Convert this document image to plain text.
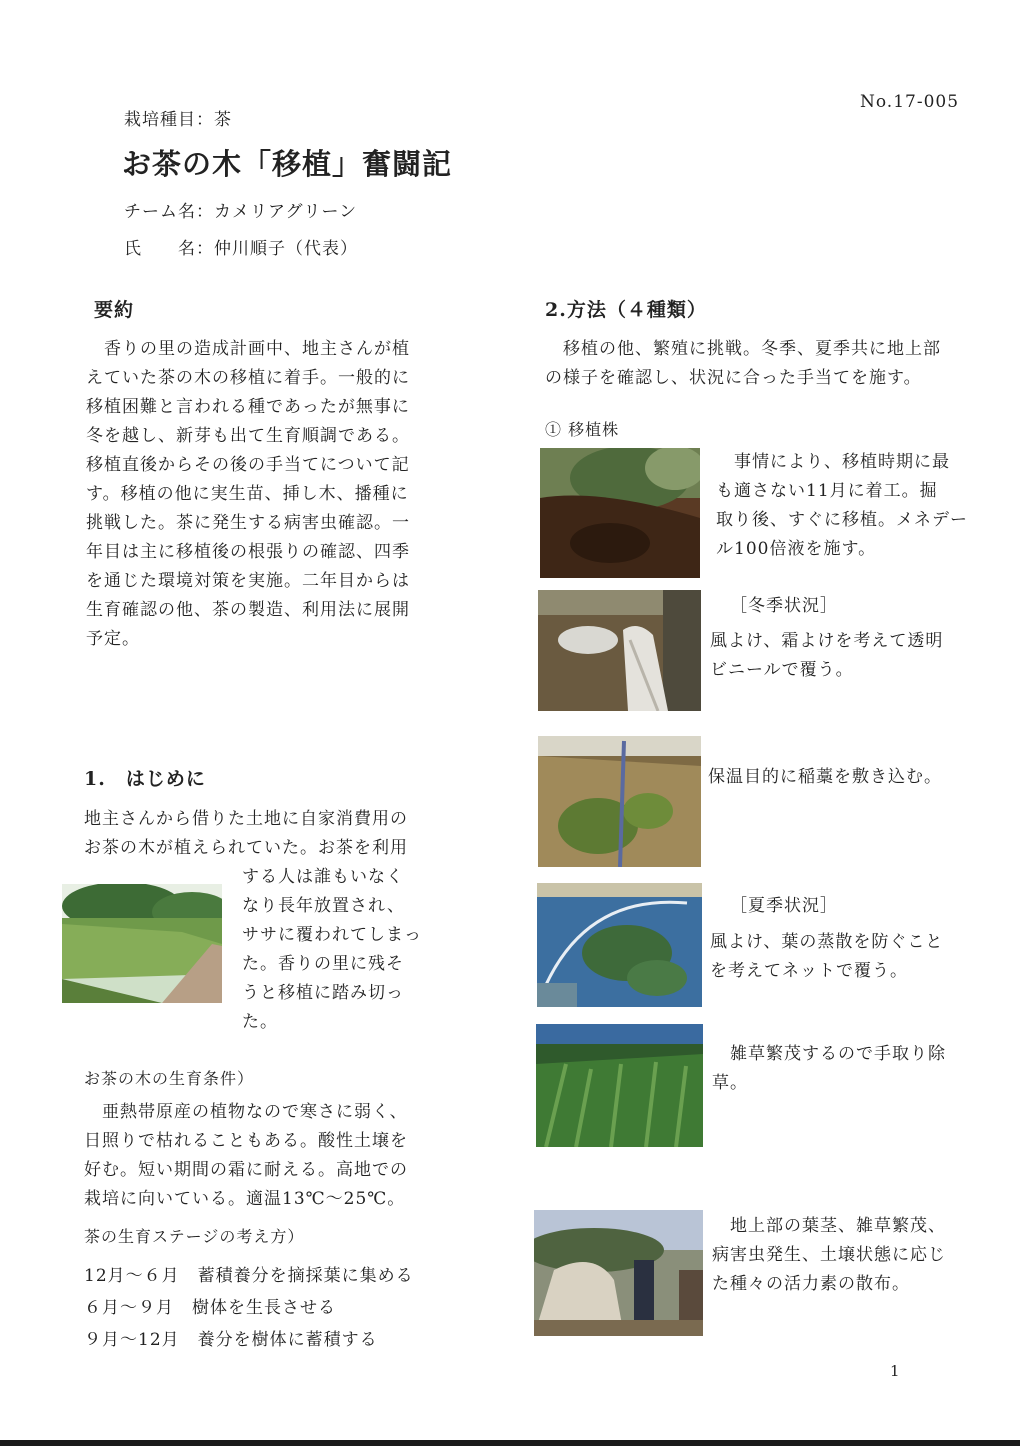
No.17-005
栽培種目：茶
お茶の木「移植」奮闘記
チーム名：カメリアグリーン
氏　　名：仲川順子（代表）
要約
　香りの里の造成計画中、地主さんが植
えていた茶の木の移植に着手。一般的に
移植困難と言われる種であったが無事に
冬を越し、新芽も出て生育順調である。
移植直後からその後の手当てについて記
す。移植の他に実生苗、挿し木、播種に
挑戦した。茶に発生する病害虫確認。一
年目は主に移植後の根張りの確認、四季
を通じた環境対策を実施。二年目からは
生育確認の他、茶の製造、利用法に展開
予定。
1.　はじめに
地主さんから借りた土地に自家消費用の
お茶の木が植えられていた。お茶を利用
する人は誰もいなく
なり長年放置され、
ササに覆われてしまっ
た。香りの里に残そ
うと移植に踏み切っ
た。
お茶の木の生育条件）
　亜熱帯原産の植物なので寒さに弱く、
日照りで枯れることもある。酸性土壌を
好む。短い期間の霜に耐える。高地での
栽培に向いている。適温13℃〜25℃。
茶の生育ステージの考え方）
12月〜６月　蓄積養分を摘採葉に集める
６月〜９月　樹体を生長させる
９月〜12月　養分を樹体に蓄積する
2.方法（４種類）
　移植の他、繁殖に挑戦。冬季、夏季共に地上部
の様子を確認し、状況に合った手当てを施す。
① 移植株
　事情により、移植時期に最
も適さない11月に着工。掘
取り後、すぐに移植。メネデー
ル100倍液を施す。
［冬季状況］
風よけ、霜よけを考えて透明
ビニールで覆う。
保温目的に稲藁を敷き込む。
［夏季状況］
風よけ、葉の蒸散を防ぐこと
を考えてネットで覆う。
　雑草繁茂するので手取り除
草。
　地上部の葉茎、雑草繁茂、
病害虫発生、土壌状態に応じ
た種々の活力素の散布。
1
